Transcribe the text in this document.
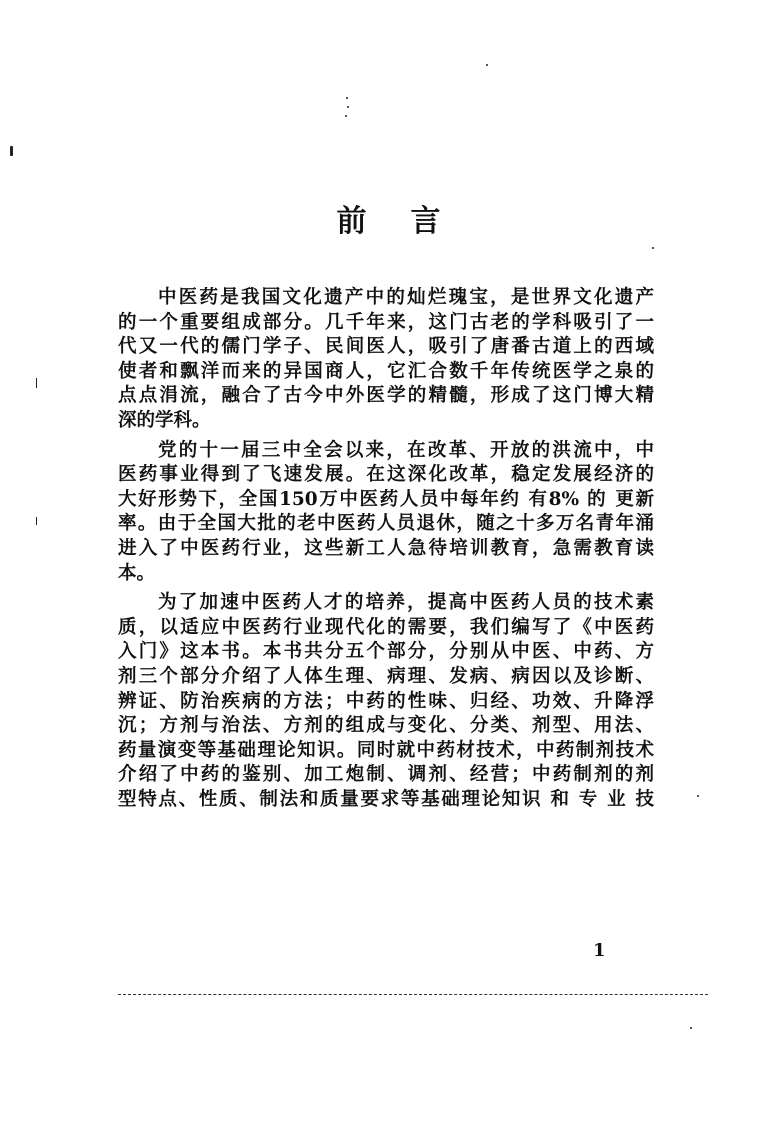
前言
中医药是我国文化遗产中的灿烂瑰宝，是世界文化遗产
的一个重要组成部分。几千年来，这门古老的学科吸引了一
代又一代的儒门学子、民间医人，吸引了唐番古道上的西域
使者和飘洋而来的异国商人，它汇合数千年传统医学之泉的
点点涓流，融合了古今中外医学的精髓，形成了这门博大精
深的学科。
党的十一届三中全会以来，在改革、开放的洪流中，中
医药事业得到了飞速发展。在这深化改革，稳定发展经济的
大好形势下，全国150万中医药人员中每年约 有8% 的 更新
率。由于全国大批的老中医药人员退休，随之十多万名青年涌
进入了中医药行业，这些新工人急待培训教育，急需教育读
本。
为了加速中医药人才的培养，提高中医药人员的技术素
质，以适应中医药行业现代化的需要，我们编写了《中医药
入门》这本书。本书共分五个部分，分别从中医、中药、方
剂三个部分介绍了人体生理、病理、发病、病因以及诊断、
辨证、防治疾病的方法；中药的性味、归经、功效、升降浮
沉；方剂与治法、方剂的组成与变化、分类、剂型、用法、
药量演变等基础理论知识。同时就中药材技术，中药制剂技术
介绍了中药的鉴别、加工炮制、调剂、经营；中药制剂的剂
型特点、性质、制法和质量要求等基础理论知识 和 专 业 技
1
